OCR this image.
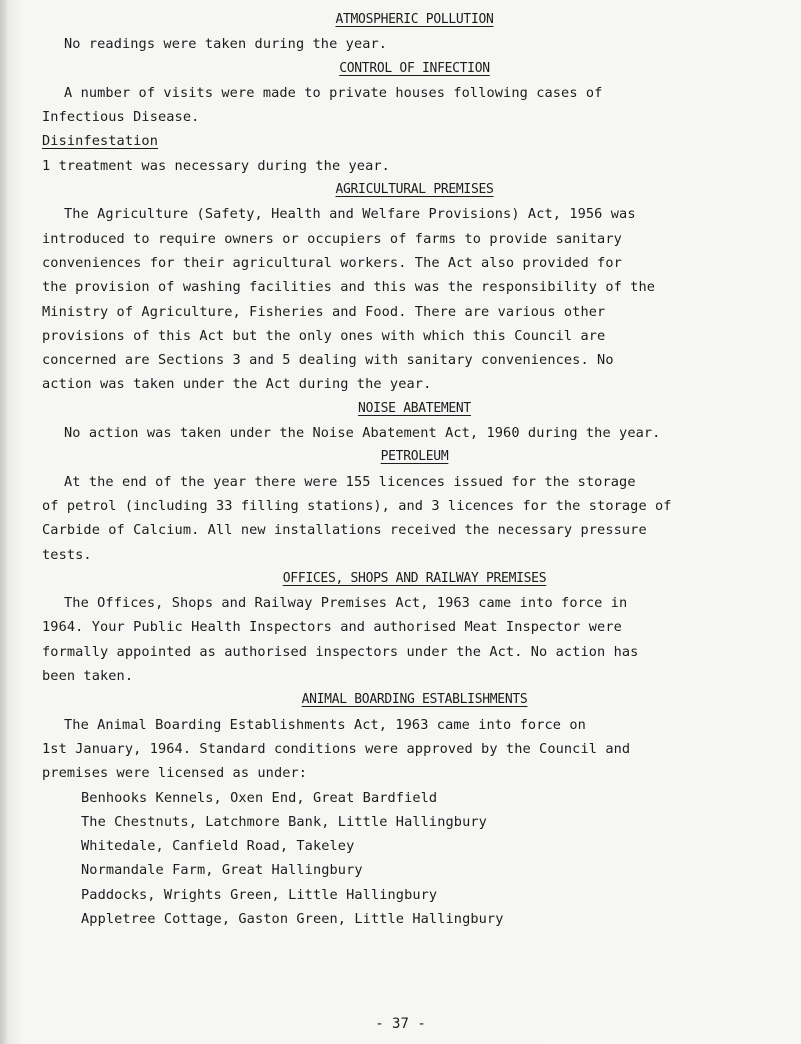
ATMOSPHERIC POLLUTION
No readings were taken during the year.
CONTROL OF INFECTION
A number of visits were made to private houses following cases of
Infectious Disease.
Disinfestation
1 treatment was necessary during the year.
AGRICULTURAL PREMISES
The Agriculture (Safety, Health and Welfare Provisions) Act, 1956 was
introduced to require owners or occupiers of farms to provide sanitary
conveniences for their agricultural workers. The Act also provided for
the provision of washing facilities and this was the responsibility of the
Ministry of Agriculture, Fisheries and Food. There are various other
provisions of this Act but the only ones with which this Council are
concerned are Sections 3 and 5 dealing with sanitary conveniences. No
action was taken under the Act during the year.
NOISE ABATEMENT
No action was taken under the Noise Abatement Act, 1960 during the year.
PETROLEUM
At the end of the year there were 155 licences issued for the storage
of petrol (including 33 filling stations), and 3 licences for the storage of
Carbide of Calcium. All new installations received the necessary pressure
tests.
OFFICES, SHOPS AND RAILWAY PREMISES
The Offices, Shops and Railway Premises Act, 1963 came into force in
1964. Your Public Health Inspectors and authorised Meat Inspector were
formally appointed as authorised inspectors under the Act. No action has
been taken.
ANIMAL BOARDING ESTABLISHMENTS
The Animal Boarding Establishments Act, 1963 came into force on
1st January, 1964. Standard conditions were approved by the Council and
premises were licensed as under:
Benhooks Kennels, Oxen End, Great Bardfield
The Chestnuts, Latchmore Bank, Little Hallingbury
Whitedale, Canfield Road, Takeley
Normandale Farm, Great Hallingbury
Paddocks, Wrights Green, Little Hallingbury
Appletree Cottage, Gaston Green, Little Hallingbury
- 37 -
